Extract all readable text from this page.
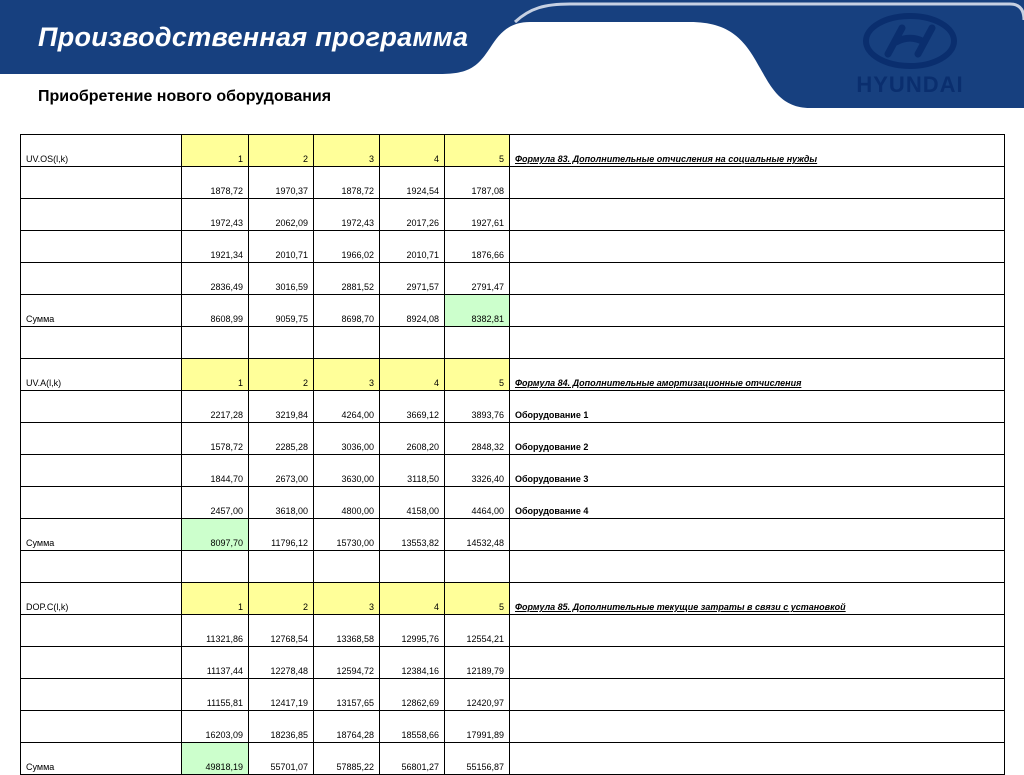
Производственная программа
Приобретение нового оборудования	HYUNDAI
UV.OS(l,k)	1	2	3	4	5	Формула 83. Дополнительные отчисления на социальные нужды
	1878,72	1970,37	1878,72	1924,54	1787,08	
	1972,43	2062,09	1972,43	2017,26	1927,61	
	1921,34	2010,71	1966,02	2010,71	1876,66	
	2836,49	3016,59	2881,52	2971,57	2791,47	
Сумма	8608,99	9059,75	8698,70	8924,08	8382,81	

UV.A(l,k)	1	2	3	4	5	Формула 84. Дополнительные амортизационные отчисления
	2217,28	3219,84	4264,00	3669,12	3893,76	Оборудование 1
	1578,72	2285,28	3036,00	2608,20	2848,32	Оборудование 2
	1844,70	2673,00	3630,00	3118,50	3326,40	Оборудование 3
	2457,00	3618,00	4800,00	4158,00	4464,00	Оборудование 4
Сумма	8097,70	11796,12	15730,00	13553,82	14532,48	

DOP.C(l,k)	1	2	3	4	5	Формула 85. Дополнительные текущие затраты в связи с установкой
	11321,86	12768,54	13368,58	12995,76	12554,21	
	11137,44	12278,48	12594,72	12384,16	12189,79	
	11155,81	12417,19	13157,65	12862,69	12420,97	
	16203,09	18236,85	18764,28	18558,66	17991,89	
Сумма	49818,19	55701,07	57885,22	56801,27	55156,87	
